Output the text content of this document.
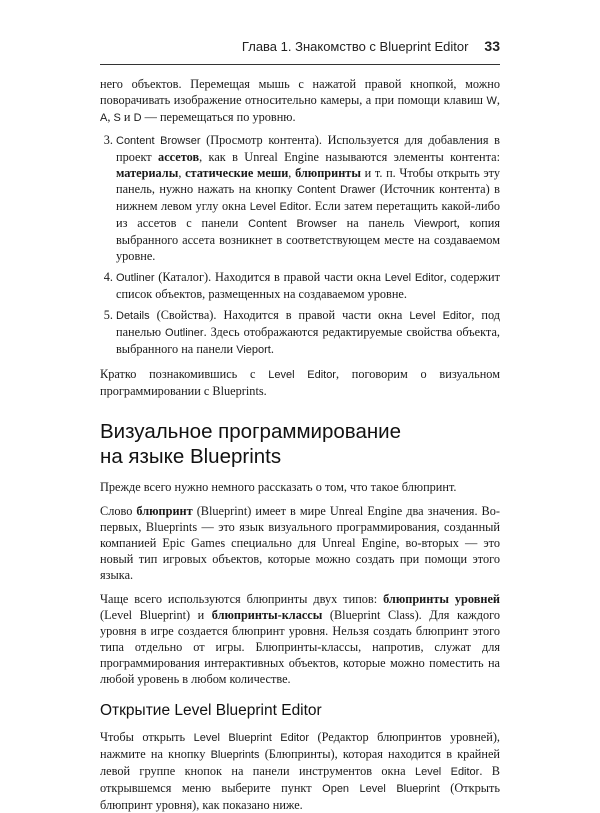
Глава 1. Знакомство с Blueprint Editor 33

него объектов. Перемещая мышь с нажатой правой кнопкой, можно поворачивать изображение относительно камеры, а при помощи клавиш W, A, S и D — перемещаться по уровню.

3. Content Browser (Просмотр контента). Используется для добавления в проект ассетов, как в Unreal Engine называются элементы контента: материалы, статические меши, блюпринты и т. п. Чтобы открыть эту панель, нужно нажать на кнопку Content Drawer (Источник контента) в нижнем левом углу окна Level Editor. Если затем перетащить какой-либо из ассетов с панели Content Browser на панель Viewport, копия выбранного ассета возникнет в соответствующем месте на создаваемом уровне.
4. Outliner (Каталог). Находится в правой части окна Level Editor, содержит список объектов, размещенных на создаваемом уровне.
5. Details (Свойства). Находится в правой части окна Level Editor, под панелью Outliner. Здесь отображаются редактируемые свойства объекта, выбранного на панели Vieport.

Кратко познакомившись с Level Editor, поговорим о визуальном программировании с Blueprints.

Визуальное программирование
на языке Blueprints

Прежде всего нужно немного рассказать о том, что такое блюпринт.

Слово блюпринт (Blueprint) имеет в мире Unreal Engine два значения. Во-первых, Blueprints — это язык визуального программирования, созданный компанией Epic Games специально для Unreal Engine, во-вторых — это новый тип игровых объектов, которые можно создать при помощи этого языка.

Чаще всего используются блюпринты двух типов: блюпринты уровней (Level Blueprint) и блюпринты-классы (Blueprint Class). Для каждого уровня в игре создается блюпринт уровня. Нельзя создать блюпринт этого типа отдельно от игры. Блюпринты-классы, напротив, служат для программирования интерактивных объектов, которые можно поместить на любой уровень в любом количестве.

Открытие Level Blueprint Editor

Чтобы открыть Level Blueprint Editor (Редактор блюпринтов уровней), нажмите на кнопку Blueprints (Блюпринты), которая находится в крайней левой группе кнопок на панели инструментов окна Level Editor. В открывшемся меню выберите пункт Open Level Blueprint (Открыть блюпринт уровня), как показано ниже.
